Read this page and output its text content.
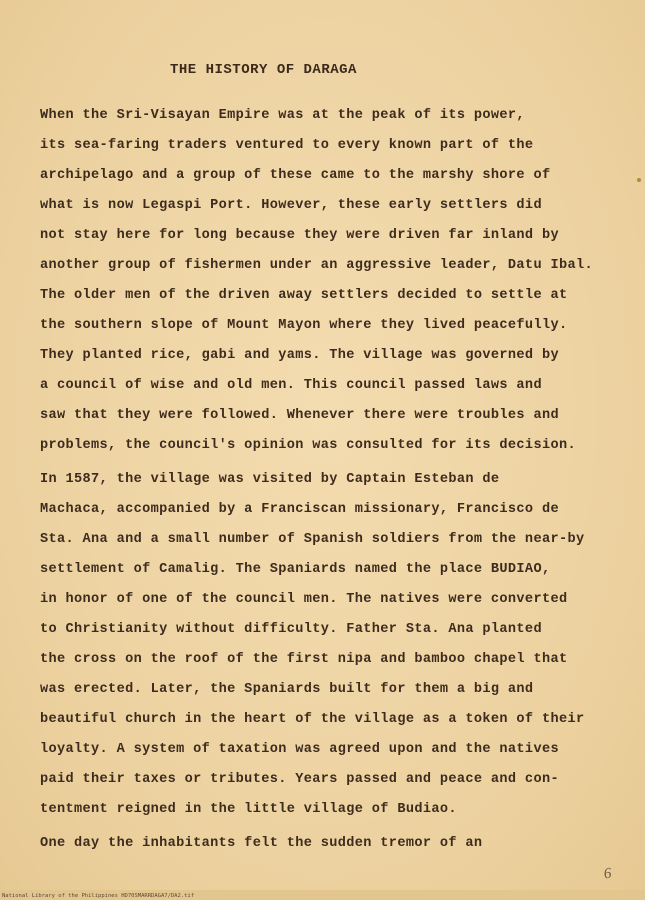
THE HISTORY OF DARAGA
When the Sri-Visayan Empire was at the peak of its power,
its sea-faring traders ventured to every known part of the
archipelago and a group of these came to the marshy shore of
what is now Legaspi Port. However, these early settlers did
not stay here for long because they were driven far inland by
another group of fishermen under an aggressive leader, Datu Ibal.
The older men of the driven away settlers decided to settle at
the southern slope of Mount Mayon where they lived peacefully.
They planted rice, gabi and yams. The village was governed by
a council of wise and old men. This council passed laws and
saw that they were followed. Whenever there were troubles and
problems, the council's opinion was consulted for its decision.
In 1587, the village was visited by Captain Esteban de
Machaca, accompanied by a Franciscan missionary, Francisco de
Sta. Ana and a small number of Spanish soldiers from the near-by
settlement of Camalig. The Spaniards named the place BUDIAO,
in honor of one of the council men. The natives were converted
to Christianity without difficulty. Father Sta. Ana planted
the cross on the roof of the first nipa and bamboo chapel that
was erected. Later, the Spaniards built for them a big and
beautiful church in the heart of the village as a token of their
loyalty. A system of taxation was agreed upon and the natives
paid their taxes or tributes. Years passed and peace and con-
tentment reigned in the little village of Budiao.
One day the inhabitants felt the sudden tremor of an
6
National Library of the Philippines HD70SMARRDAGA7/DA2.tif
